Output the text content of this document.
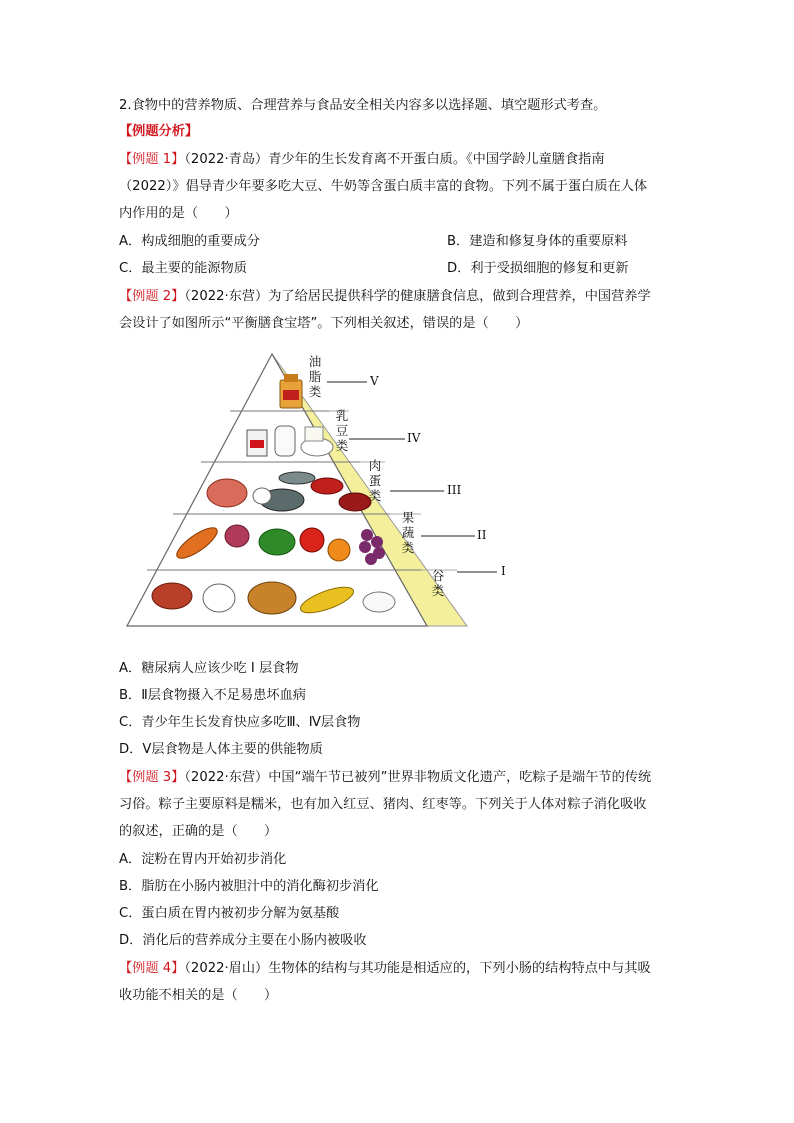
2.食物中的营养物质、合理营养与食品安全相关内容多以选择题、填空题形式考查。
【例题分析】
【例题 1】（2022·青岛）青少年的生长发育离不开蛋白质。《中国学龄儿童膳食指南
（2022）》倡导青少年要多吃大豆、牛奶等含蛋白质丰富的食物。下列不属于蛋白质在人体
内作用的是（　　）
A．构成细胞的重要成分	B．建造和修复身体的重要原料
C．最主要的能源物质	D．利于受损细胞的修复和更新
【例题 2】（2022·东营）为了给居民提供科学的健康膳食信息，做到合理营养，中国营养学
会设计了如图所示“平衡膳食宝塔”。下列相关叙述，错误的是（　　）
油脂类
乳豆类
肉蛋类
果蔬类
谷类
V
IV
III
II
I
A．糖尿病人应该少吃 I 层食物
B．Ⅱ层食物摄入不足易患坏血病
C．青少年生长发育快应多吃Ⅲ、Ⅳ层食物
D．Ⅴ层食物是人体主要的供能物质
【例题 3】（2022·东营）中国“端午节已被列”世界非物质文化遗产，吃粽子是端午节的传统
习俗。粽子主要原料是糯米，也有加入红豆、猪肉、红枣等。下列关于人体对粽子消化吸收
的叙述，正确的是（　　）
A．淀粉在胃内开始初步消化
B．脂肪在小肠内被胆汁中的消化酶初步消化
C．蛋白质在胃内被初步分解为氨基酸
D．消化后的营养成分主要在小肠内被吸收
【例题 4】（2022·眉山）生物体的结构与其功能是相适应的，下列小肠的结构特点中与其吸
收功能不相关的是（　　）
